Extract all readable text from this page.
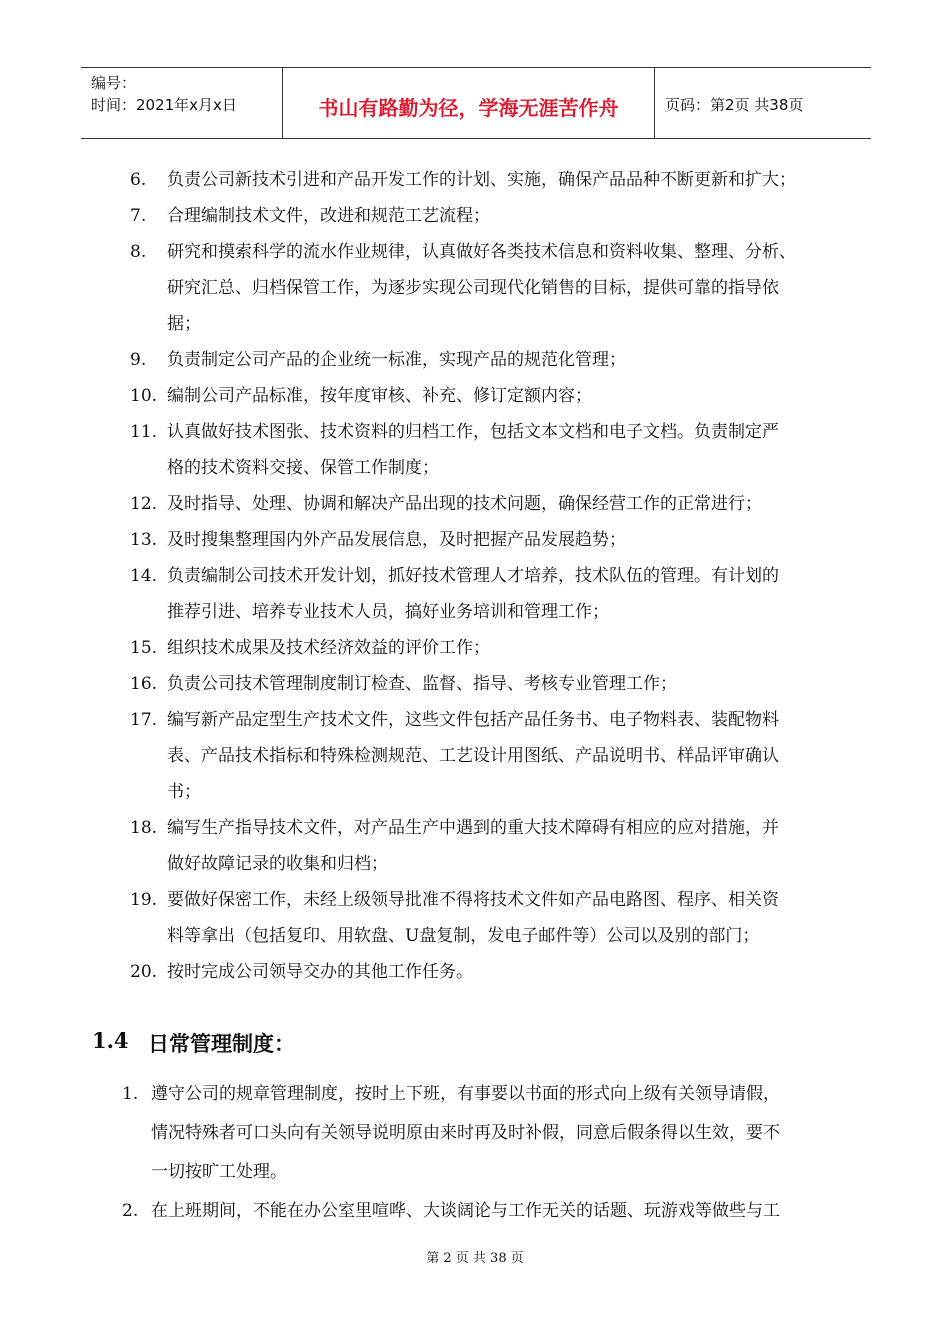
编号：
时间：2021年x月x日	书山有路勤为径，学海无涯苦作舟	页码：第2页 共38页
6. 负责公司新技术引进和产品开发工作的计划、实施，确保产品品种不断更新和扩大；
7. 合理编制技术文件，改进和规范工艺流程；
8. 研究和摸索科学的流水作业规律，认真做好各类技术信息和资料收集、整理、分析、
研究汇总、归档保管工作，为逐步实现公司现代化销售的目标，提供可靠的指导依
据；
9. 负责制定公司产品的企业统一标准，实现产品的规范化管理；
10. 编制公司产品标准，按年度审核、补充、修订定额内容；
11. 认真做好技术图张、技术资料的归档工作，包括文本文档和电子文档。负责制定严
格的技术资料交接、保管工作制度；
12. 及时指导、处理、协调和解决产品出现的技术问题，确保经营工作的正常进行；
13. 及时搜集整理国内外产品发展信息，及时把握产品发展趋势；
14. 负责编制公司技术开发计划，抓好技术管理人才培养，技术队伍的管理。有计划的
推荐引进、培养专业技术人员，搞好业务培训和管理工作；
15. 组织技术成果及技术经济效益的评价工作；
16. 负责公司技术管理制度制订检查、监督、指导、考核专业管理工作；
17. 编写新产品定型生产技术文件，这些文件包括产品任务书、电子物料表、装配物料
表、产品技术指标和特殊检测规范、工艺设计用图纸、产品说明书、样品评审确认
书；
18. 编写生产指导技术文件，对产品生产中遇到的重大技术障碍有相应的应对措施，并
做好故障记录的收集和归档；
19. 要做好保密工作，未经上级领导批准不得将技术文件如产品电路图、程序、相关资
料等拿出（包括复印、用软盘、U盘复制，发电子邮件等）公司以及别的部门；
20. 按时完成公司领导交办的其他工作任务。
1.4 日常管理制度：
1. 遵守公司的规章管理制度，按时上下班，有事要以书面的形式向上级有关领导请假，
情况特殊者可口头向有关领导说明原由来时再及时补假，同意后假条得以生效，要不
一切按旷工处理。
2. 在上班期间，不能在办公室里喧哗、大谈阔论与工作无关的话题、玩游戏等做些与工
第 2 页 共 38 页
